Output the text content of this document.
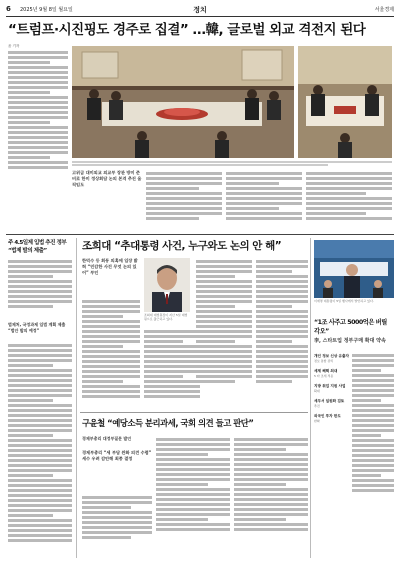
6 2025년 9월 8일 월요일	정치	서울경제
“트럼프·시진핑도 경주로 집결” …韓, 글로벌 외교 격전지 된다
윤 기자
고위급 대미외교 외교부 장관 방미 준비로 한미 정상회담 논의 본격 추진 움직임도
주 4.5일제 입법 추진 정부 “법제 발의 제출”
법제처, 국정과제 입법 계획 제출 “법안 발의 예정”
조희대 “추대통령 사건, 누구와도 논의 안 해”
한덕수 등 회동 의혹에 입장 밝혀 “민감한 사건 무엇 논의 있어” 부인
조희대 대법원장이 지난 5일 대법원으로 출근하고 있다.
이재명 대통령이 5일 행사에서 발언하고 있다.
“1조 사주고 5000억은 버릴 각오”
李, 스타트업 정부구매 확대 약속
개인 정보 신상 유출자
정보 통합 관리
세제 혜택 최대
5 타 조세 적용
지방 취업 지원 사업
확대
세무서 일원화 검토
추진
외국인 투자 한도
완화
구윤철 “예당소득 분리과세, 국회 의견 들고 판단”
경제부총리 대정부질문 발언
경제부총리 “세 부담 완화 의견 수렴” 세수 우려 감안해 최종 결정
